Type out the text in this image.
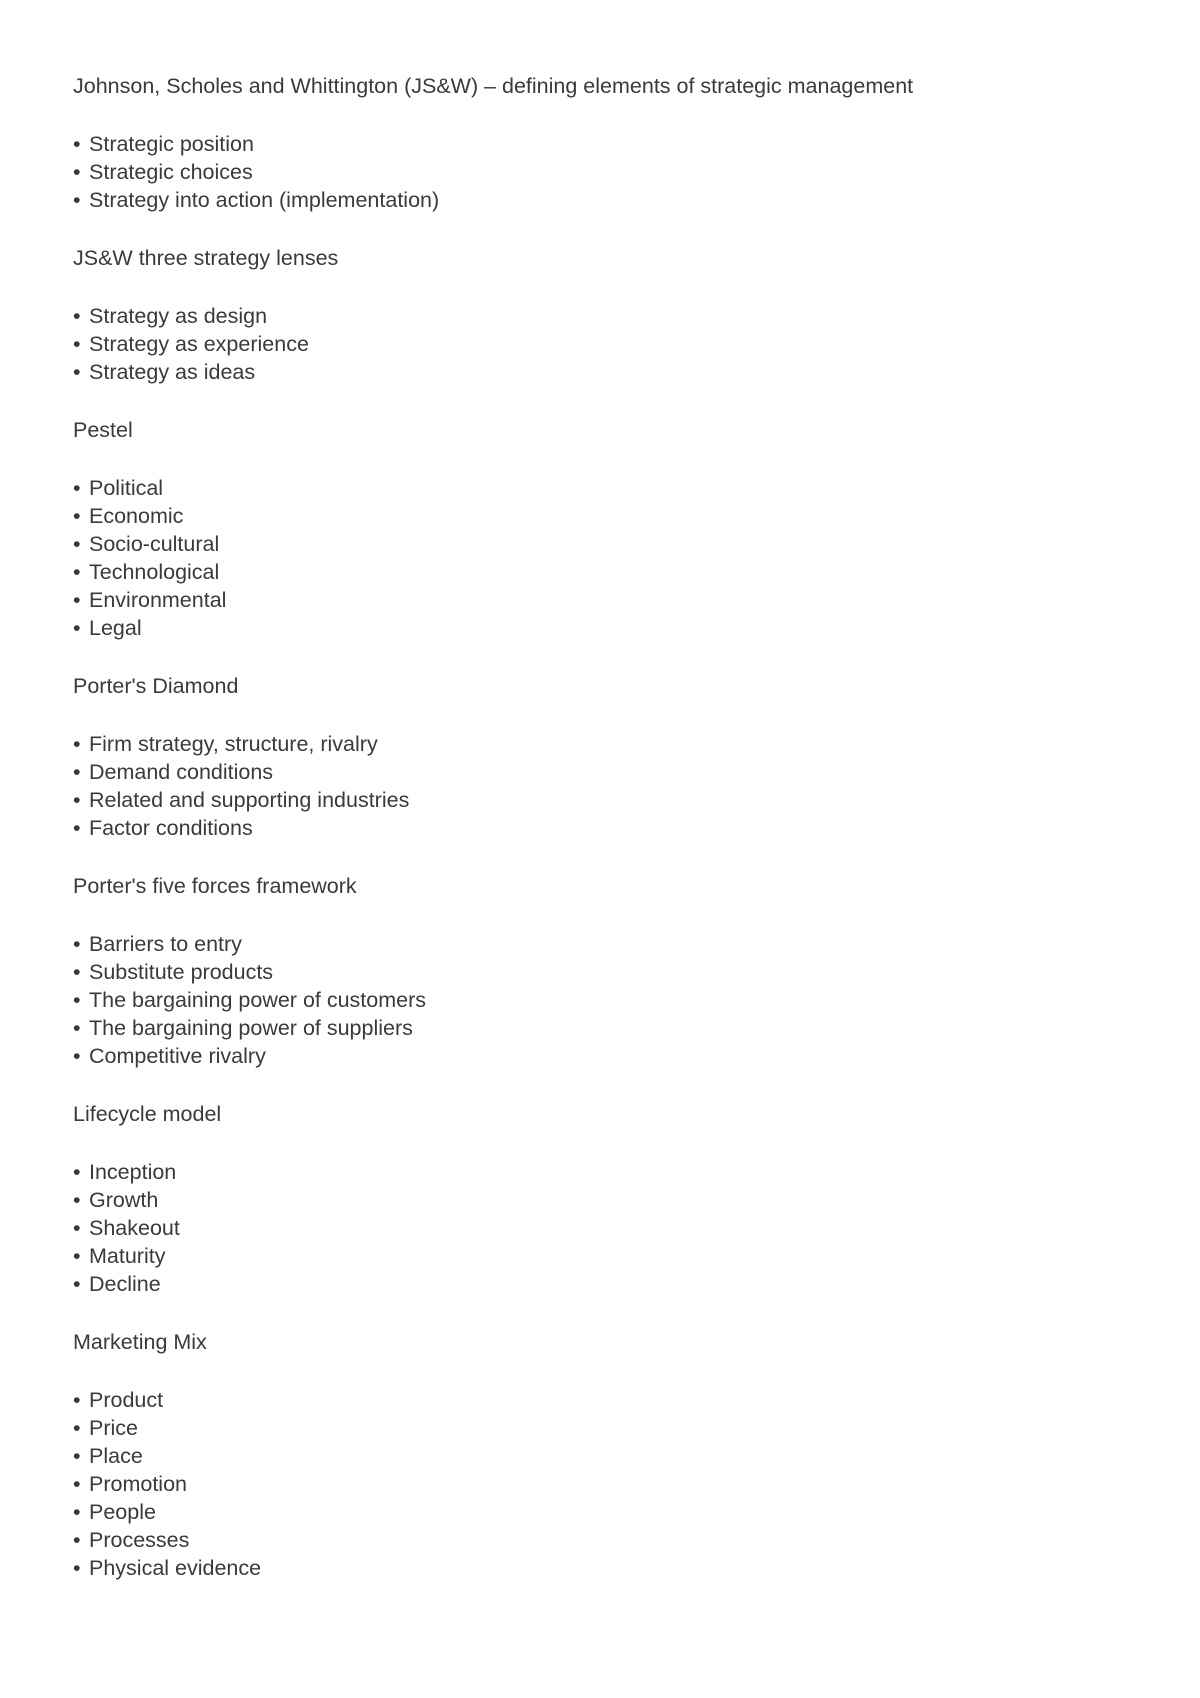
Johnson, Scholes and Whittington (JS&W) – defining elements of strategic management

• Strategic position
• Strategic choices
• Strategy into action (implementation)

JS&W three strategy lenses

• Strategy as design
• Strategy as experience
• Strategy as ideas

Pestel

• Political
• Economic
• Socio-cultural
• Technological
• Environmental
• Legal

Porter's Diamond

• Firm strategy, structure, rivalry
• Demand conditions
• Related and supporting industries
• Factor conditions

Porter's five forces framework

• Barriers to entry
• Substitute products
• The bargaining power of customers
• The bargaining power of suppliers
• Competitive rivalry

Lifecycle model

• Inception
• Growth
• Shakeout
• Maturity
• Decline

Marketing Mix

• Product
• Price
• Place
• Promotion
• People
• Processes
• Physical evidence
